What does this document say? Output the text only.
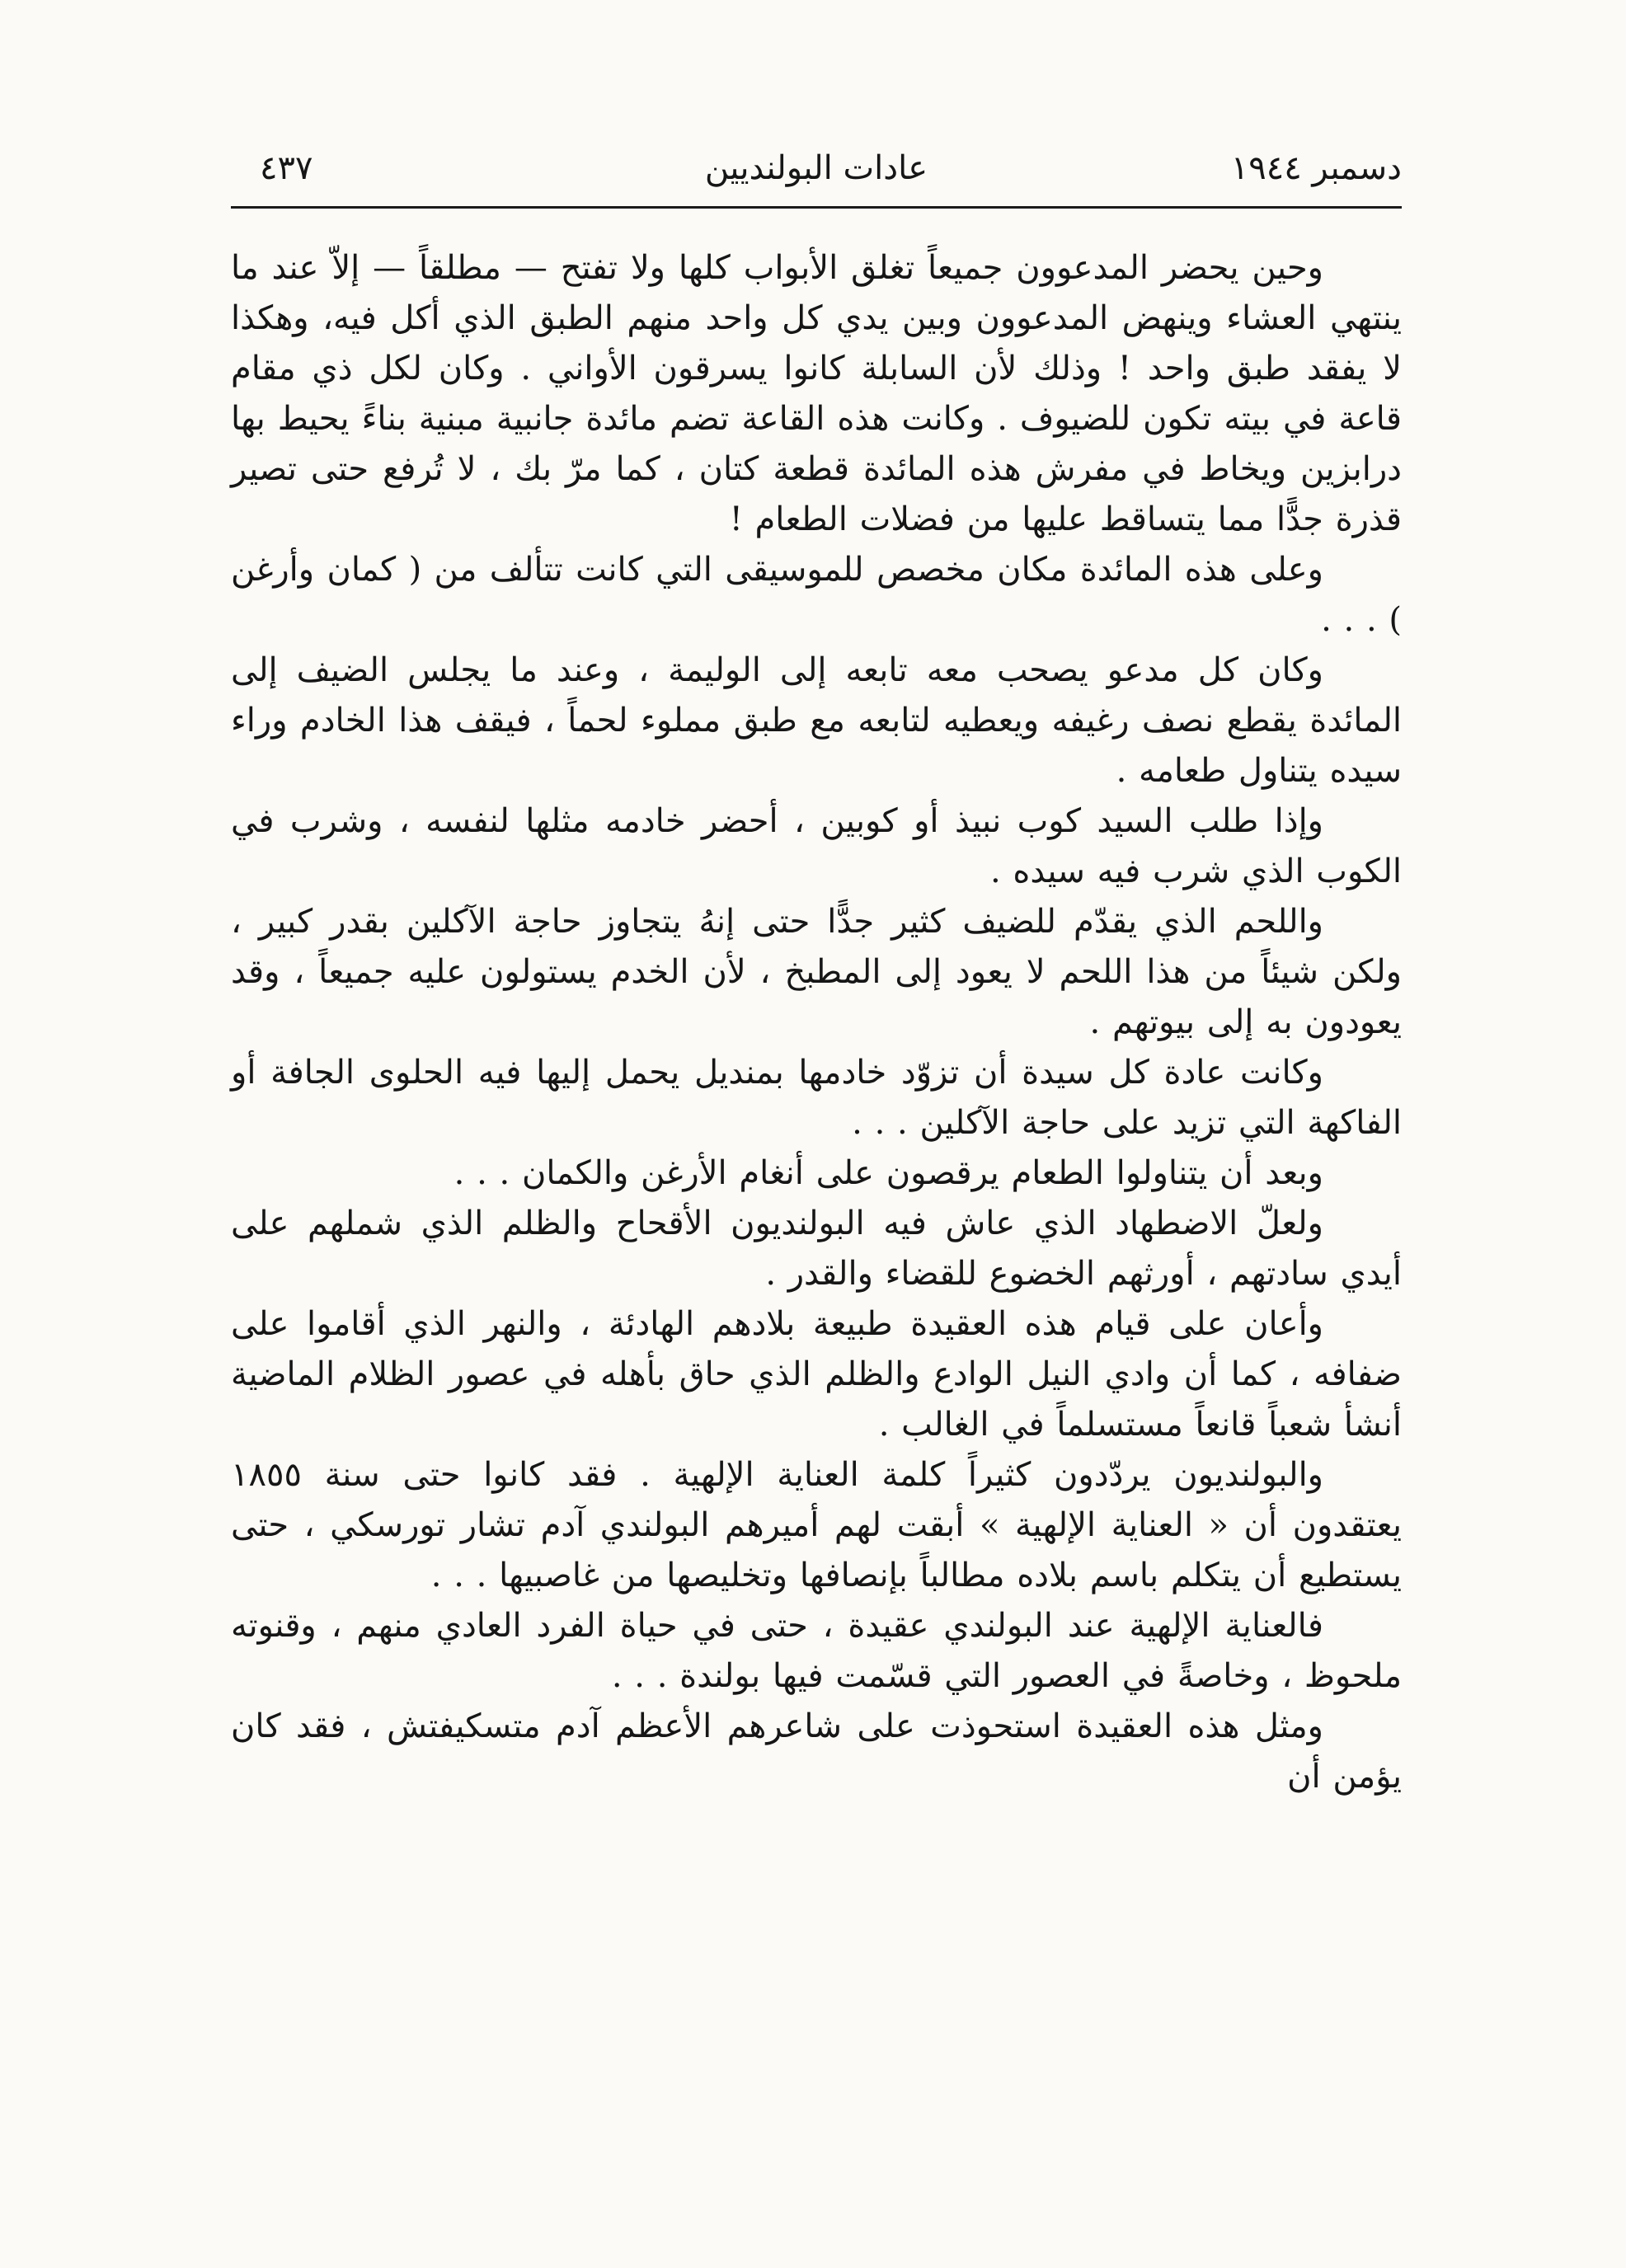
دسمبر ١٩٤٤
عادات البولنديين
٤٣٧

وحين يحضر المدعوون جميعاً تغلق الأبواب كلها ولا تفتح — مطلقاً — إلاّ عند ما ينتهي العشاء وينهض المدعوون وبين يدي كل واحد منهم الطبق الذي أكل فيه، وهكذا لا يفقد طبق واحد ! وذلك لأن السابلة كانوا يسرقون الأواني . وكان لكل ذي مقام قاعة في بيته تكون للضيوف . وكانت هذه القاعة تضم مائدة جانبية مبنية بناءً يحيط بها درابزين ويخاط في مفرش هذه المائدة قطعة كتان ، كما مرّ بك ، لا تُرفع حتى تصير قذرة جدًّا مما يتساقط عليها من فضلات الطعام !

وعلى هذه المائدة مكان مخصص للموسيقى التي كانت تتألف من ( كمان وأرغن ) . . .

وكان كل مدعو يصحب معه تابعه إلى الوليمة ، وعند ما يجلس الضيف إلى المائدة يقطع نصف رغيفه ويعطيه لتابعه مع طبق مملوء لحماً ، فيقف هذا الخادم وراء سيده يتناول طعامه .

وإذا طلب السيد كوب نبيذ أو كوبين ، أحضر خادمه مثلها لنفسه ، وشرب في الكوب الذي شرب فيه سيده .

واللحم الذي يقدّم للضيف كثير جدًّا حتى إنهُ يتجاوز حاجة الآكلين بقدر كبير ، ولكن شيئاً من هذا اللحم لا يعود إلى المطبخ ، لأن الخدم يستولون عليه جميعاً ، وقد يعودون به إلى بيوتهم .

وكانت عادة كل سيدة أن تزوّد خادمها بمنديل يحمل إليها فيه الحلوى الجافة أو الفاكهة التي تزيد على حاجة الآكلين . . .

وبعد أن يتناولوا الطعام يرقصون على أنغام الأرغن والكمان . . .

ولعلّ الاضطهاد الذي عاش فيه البولنديون الأقحاح والظلم الذي شملهم على أيدي سادتهم ، أورثهم الخضوع للقضاء والقدر .

وأعان على قيام هذه العقيدة طبيعة بلادهم الهادئة ، والنهر الذي أقاموا على ضفافه ، كما أن وادي النيل الوادع والظلم الذي حاق بأهله في عصور الظلام الماضية أنشأ شعباً قانعاً مستسلماً في الغالب .

والبولنديون يردّدون كثيراً كلمة العناية الإلهية . فقد كانوا حتى سنة ١٨٥٥ يعتقدون أن « العناية الإلهية » أبقت لهم أميرهم البولندي آدم تشار تورسكي ، حتى يستطيع أن يتكلم باسم بلاده مطالباً بإنصافها وتخليصها من غاصبيها . . .

فالعناية الإلهية عند البولندي عقيدة ، حتى في حياة الفرد العادي منهم ، وقنوته ملحوظ ، وخاصةً في العصور التي قسّمت فيها بولندة . . .

ومثل هذه العقيدة استحوذت على شاعرهم الأعظم آدم متسكيفتش ، فقد كان يؤمن أن
